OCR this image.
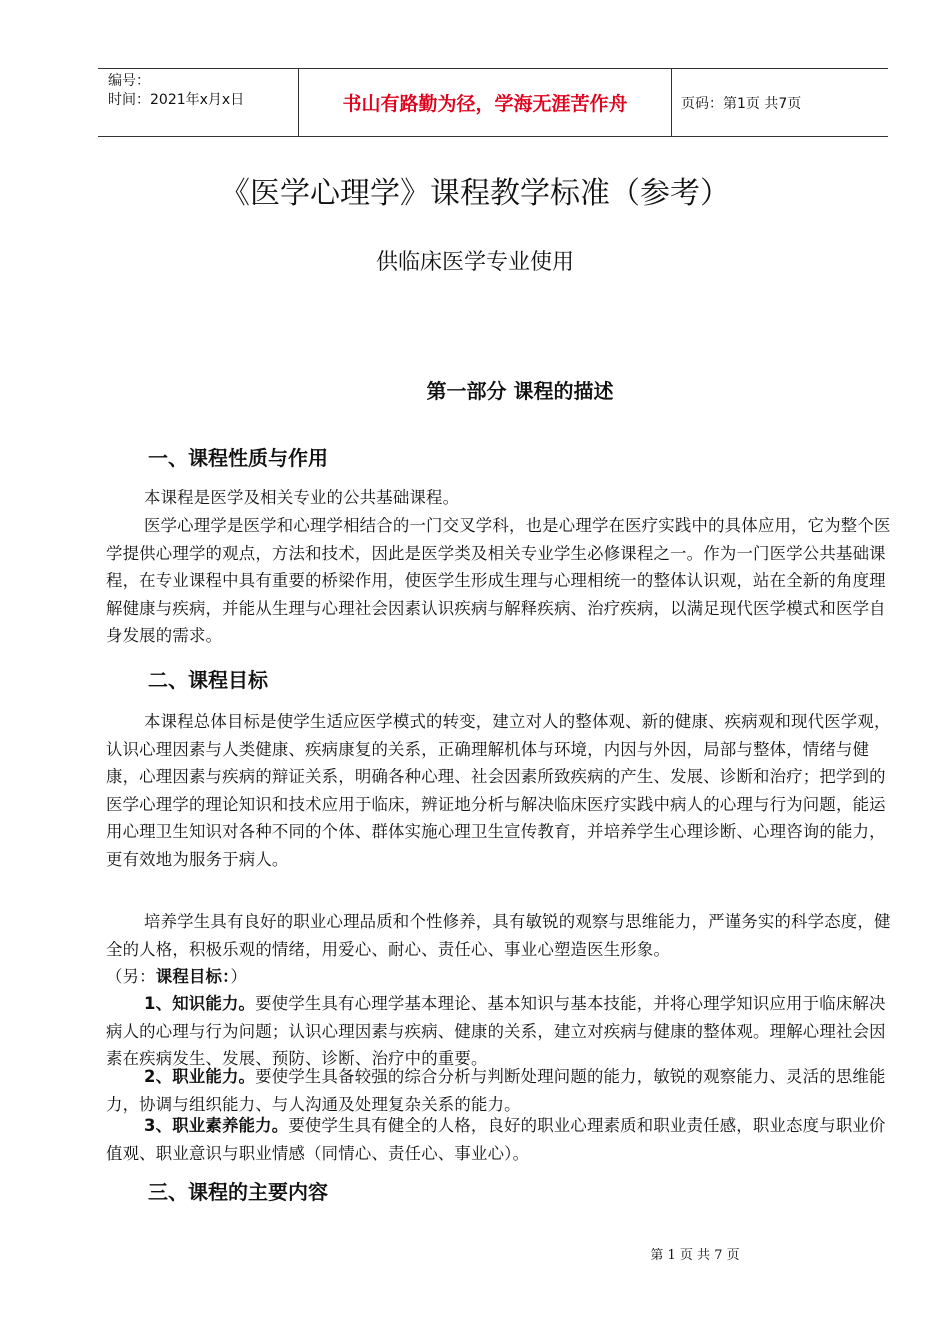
编号：
时间：2021年x月x日	书山有路勤为径，学海无涯苦作舟	页码：第1页 共7页
《医学心理学》课程教学标准（参考）
供临床医学专业使用
第一部分 课程的描述
一、课程性质与作用
本课程是医学及相关专业的公共基础课程。
医学心理学是医学和心理学相结合的一门交叉学科，也是心理学在医疗实践中的具体应用，它为整个医学提供心理学的观点，方法和技术，因此是医学类及相关专业学生必修课程之一。作为一门医学公共基础课程，在专业课程中具有重要的桥梁作用，使医学生形成生理与心理相统一的整体认识观，站在全新的角度理解健康与疾病，并能从生理与心理社会因素认识疾病与解释疾病、治疗疾病，以满足现代医学模式和医学自身发展的需求。
二、课程目标
本课程总体目标是使学生适应医学模式的转变，建立对人的整体观、新的健康、疾病观和现代医学观，认识心理因素与人类健康、疾病康复的关系，正确理解机体与环境，内因与外因，局部与整体，情绪与健康，心理因素与疾病的辩证关系，明确各种心理、社会因素所致疾病的产生、发展、诊断和治疗；把学到的医学心理学的理论知识和技术应用于临床，辨证地分析与解决临床医疗实践中病人的心理与行为问题，能运用心理卫生知识对各种不同的个体、群体实施心理卫生宣传教育，并培养学生心理诊断、心理咨询的能力，更有效地为服务于病人。
培养学生具有良好的职业心理品质和个性修养，具有敏锐的观察与思维能力，严谨务实的科学态度，健全的人格，积极乐观的情绪，用爱心、耐心、责任心、事业心塑造医生形象。
（另：课程目标：）
1、知识能力。要使学生具有心理学基本理论、基本知识与基本技能，并将心理学知识应用于临床解决病人的心理与行为问题；认识心理因素与疾病、健康的关系，建立对疾病与健康的整体观。理解心理社会因素在疾病发生、发展、预防、诊断、治疗中的重要。
2、职业能力。要使学生具备较强的综合分析与判断处理问题的能力，敏锐的观察能力、灵活的思维能力，协调与组织能力、与人沟通及处理复杂关系的能力。
3、职业素养能力。要使学生具有健全的人格，良好的职业心理素质和职业责任感，职业态度与职业价值观、职业意识与职业情感（同情心、责任心、事业心）。
三、课程的主要内容
第 1 页 共 7 页
